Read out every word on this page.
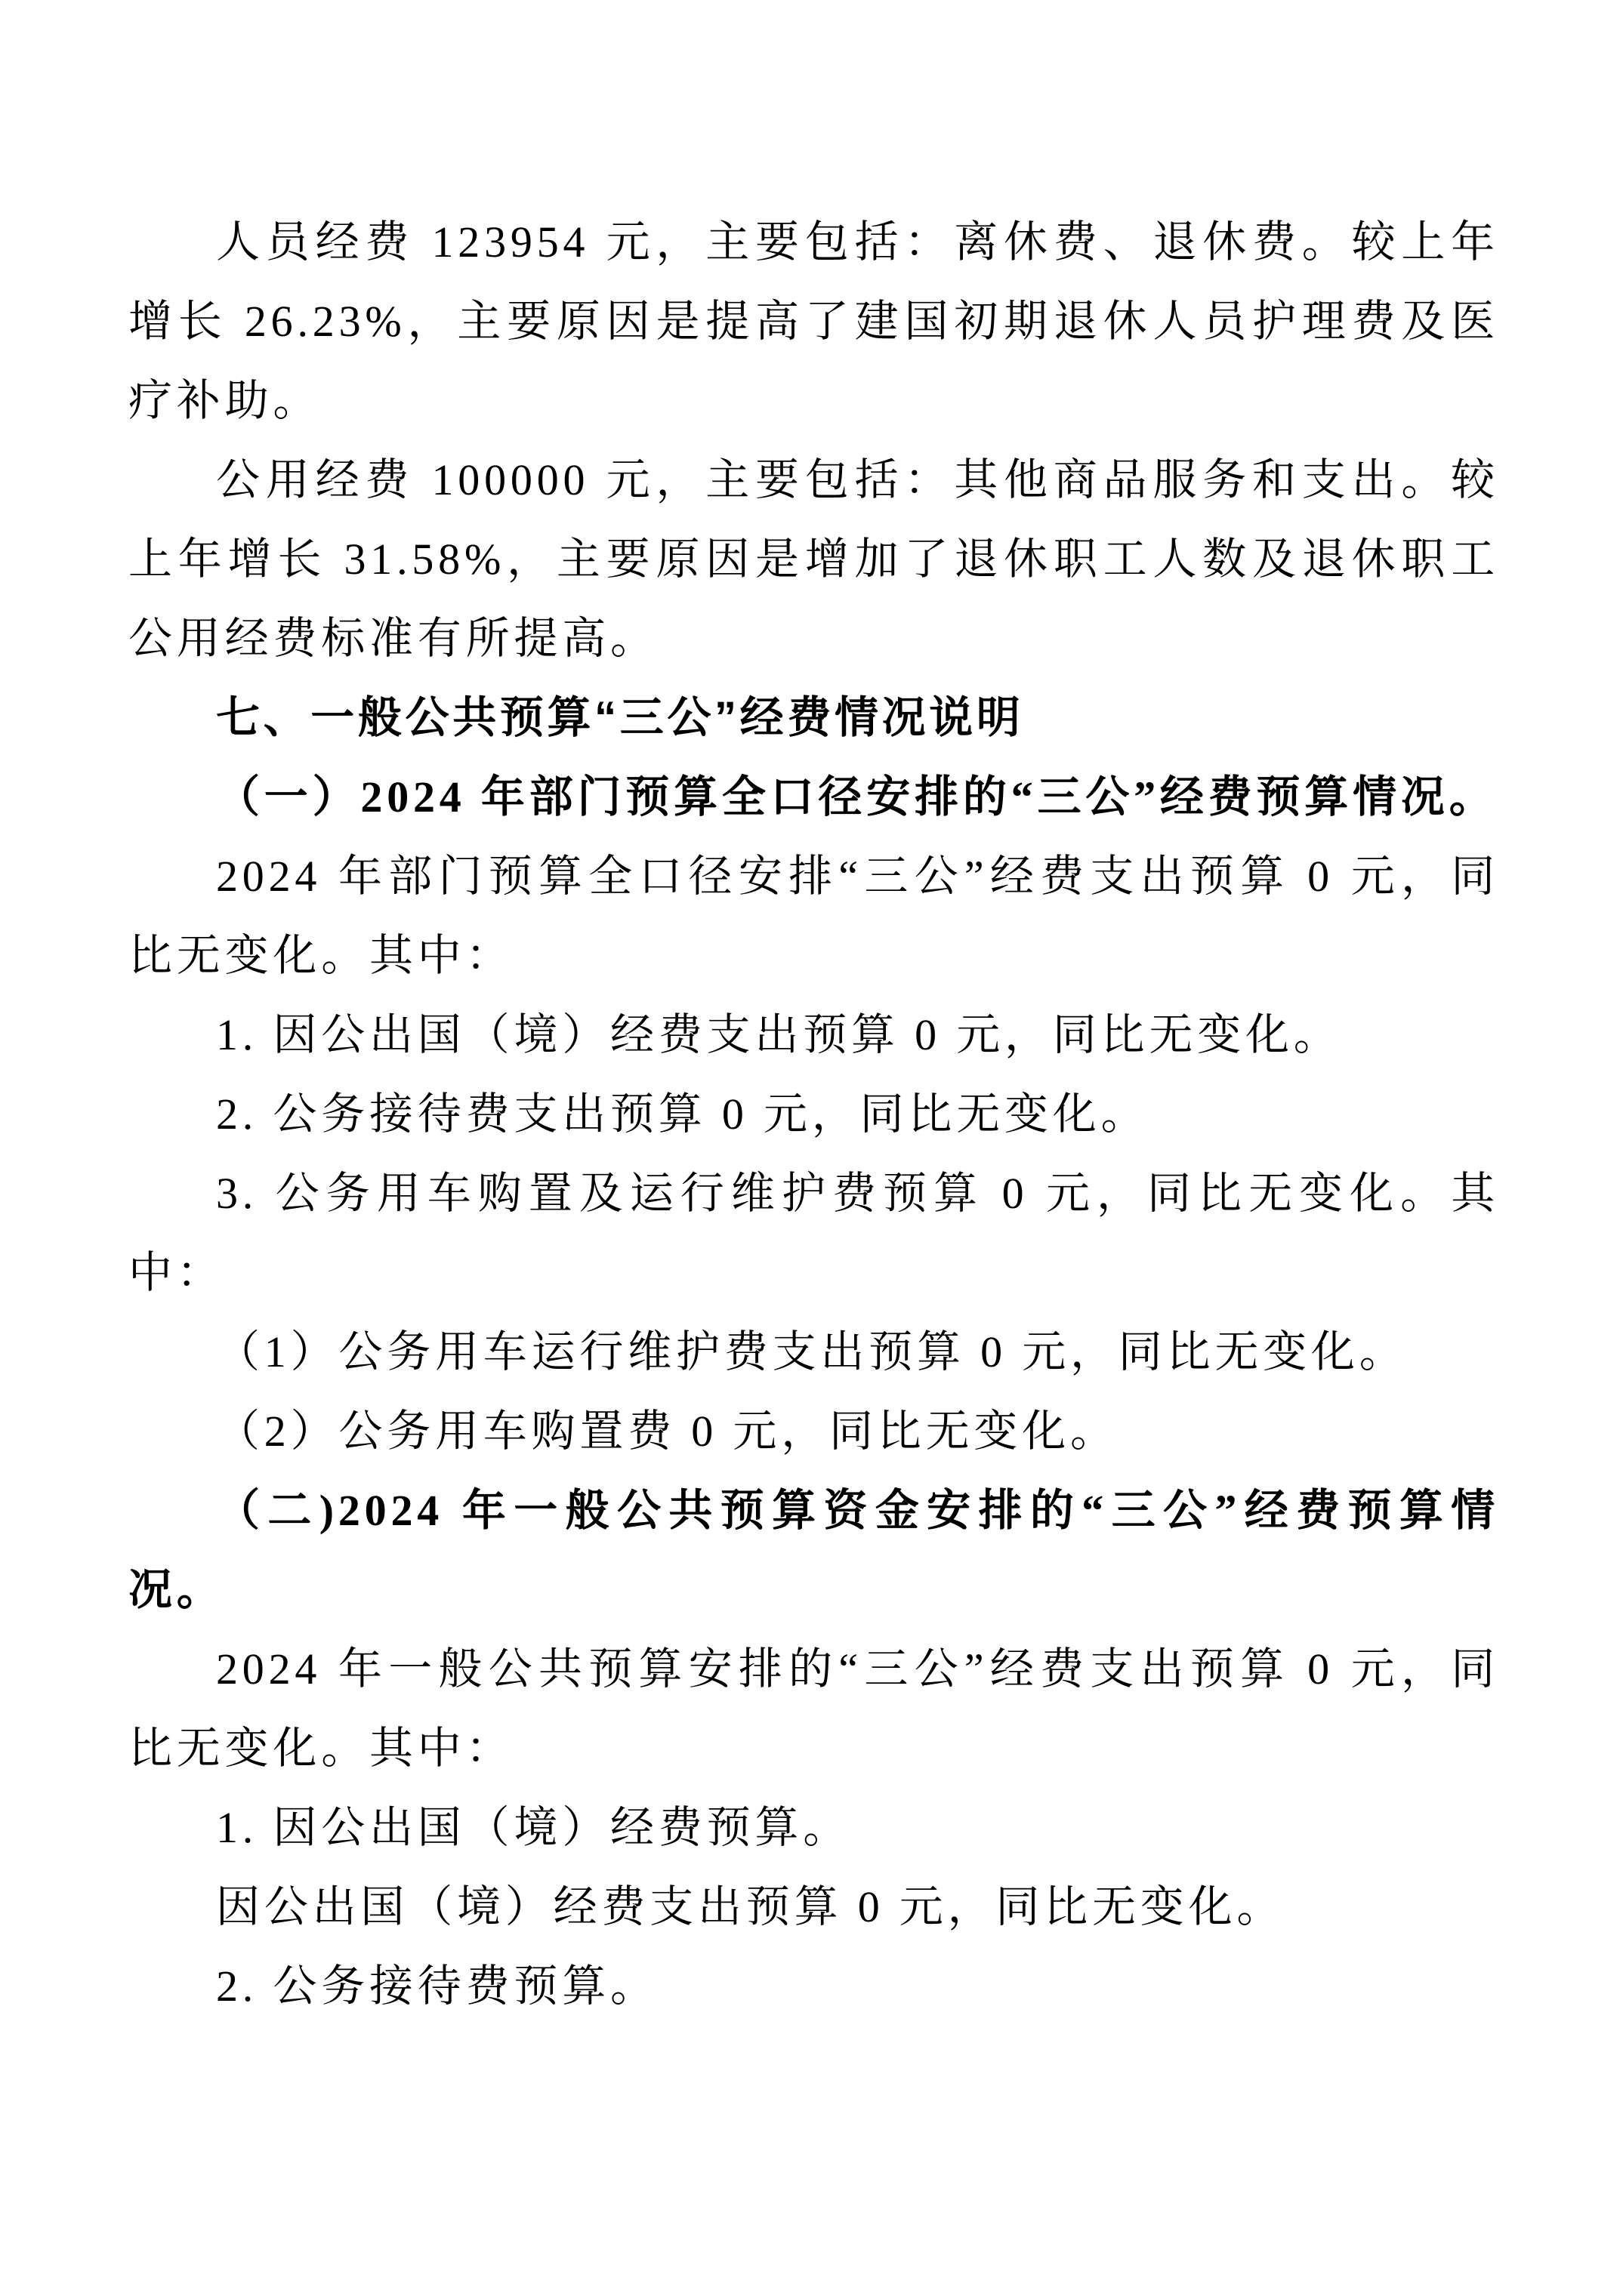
人员经费 123954 元，主要包括：离休费、退休费。较上年增长 26.23%，主要原因是提高了建国初期退休人员护理费及医疗补助。

公用经费 100000 元，主要包括：其他商品服务和支出。较上年增长 31.58%，主要原因是增加了退休职工人数及退休职工公用经费标准有所提高。

七、一般公共预算“三公”经费情况说明

（一）2024 年部门预算全口径安排的“三公”经费预算情况。

2024 年部门预算全口径安排“三公”经费支出预算 0 元，同比无变化。其中：

1. 因公出国（境）经费支出预算 0 元，同比无变化。

2. 公务接待费支出预算 0 元，同比无变化。

3. 公务用车购置及运行维护费预算 0 元，同比无变化。其中：

（1）公务用车运行维护费支出预算 0 元，同比无变化。

（2）公务用车购置费 0 元，同比无变化。

（二)2024 年一般公共预算资金安排的“三公”经费预算情况。

2024 年一般公共预算安排的“三公”经费支出预算 0 元，同比无变化。其中：

1. 因公出国（境）经费预算。

因公出国（境）经费支出预算 0 元，同比无变化。

2. 公务接待费预算。
